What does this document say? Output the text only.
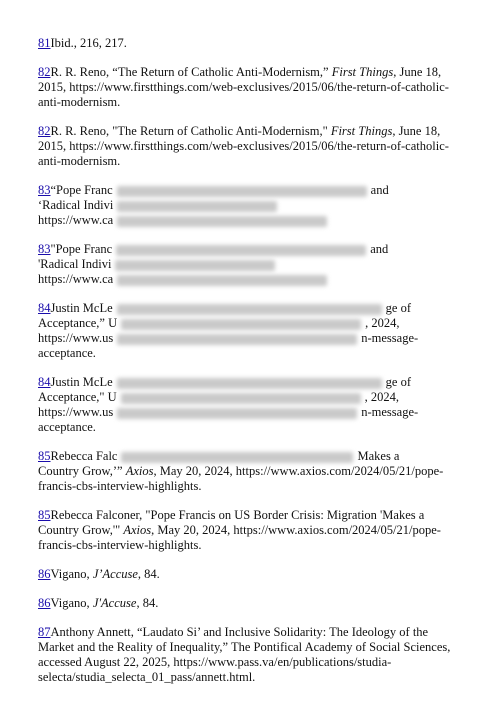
81Ibid., 216, 217.
82R. R. Reno, “The Return of Catholic Anti-Modernism,” First Things, June 18,
2015, https://www.firstthings.com/web-exclusives/2015/06/the-return-of-catholic-
anti-modernism.
82R. R. Reno, "The Return of Catholic Anti-Modernism," First Things, June 18,
2015, https://www.firstthings.com/web-exclusives/2015/06/the-return-of-catholic-
anti-modernism.
83“Pope Franc	and
‘Radical Indivi
https://www.ca
83"Pope Franc	and
'Radical Indivi
https://www.ca
84Justin McLe	ge of
Acceptance,” U	, 2024,
https://www.us	n-message-
acceptance.
84Justin McLe	ge of
Acceptance," U	, 2024,
https://www.us	n-message-
acceptance.
85Rebecca Falc	Makes a
Country Grow,’” Axios, May 20, 2024, https://www.axios.com/2024/05/21/pope-
francis-cbs-interview-highlights.
85Rebecca Falconer, "Pope Francis on US Border Crisis: Migration 'Makes a
Country Grow,'" Axios, May 20, 2024, https://www.axios.com/2024/05/21/pope-
francis-cbs-interview-highlights.
86Vigano, J’Accuse, 84.
86Vigano, J'Accuse, 84.
87Anthony Annett, “Laudato Si’ and Inclusive Solidarity: The Ideology of the
Market and the Reality of Inequality,” The Pontifical Academy of Social Sciences,
accessed August 22, 2025, https://www.pass.va/en/publications/studia-
selecta/studia_selecta_01_pass/annett.html.
